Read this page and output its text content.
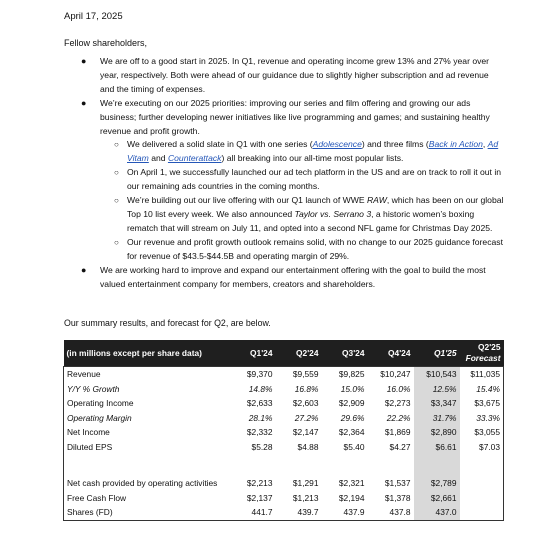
April 17, 2025
Fellow shareholders,
● We are off to a good start in 2025. In Q1, revenue and operating income grew 13% and 27% year over year, respectively. Both were ahead of our guidance due to slightly higher subscription and ad revenue and the timing of expenses.
● We’re executing on our 2025 priorities: improving our series and film offering and growing our ads business; further developing newer initiatives like live programming and games; and sustaining healthy revenue and profit growth.
○ We delivered a solid slate in Q1 with one series (Adolescence) and three films (Back in Action, Ad Vitam and Counterattack) all breaking into our all-time most popular lists.
○ On April 1, we successfully launched our ad tech platform in the US and are on track to roll it out in our remaining ads countries in the coming months.
○ We’re building out our live offering with our Q1 launch of WWE RAW, which has been on our global Top 10 list every week. We also announced Taylor vs. Serrano 3, a historic women’s boxing rematch that will stream on July 11, and opted into a second NFL game for Christmas Day 2025.
○ Our revenue and profit growth outlook remains solid, with no change to our 2025 guidance forecast for revenue of $43.5-$44.5B and operating margin of 29%.
● We are working hard to improve and expand our entertainment offering with the goal to build the most valued entertainment company for members, creators and shareholders.
Our summary results, and forecast for Q2, are below.
(in millions except per share data)	Q1'24	Q2'24	Q3'24	Q4'24	Q1'25	Q2'25
Forecast

Revenue	$9,370	$9,559	$9,825	$10,247	$10,543	$11,035
Y/Y % Growth	14.8%	16.8%	15.0%	16.0%	12.5%	15.4%
Operating Income	$2,633	$2,603	$2,909	$2,273	$3,347	$3,675
Operating Margin	28.1%	27.2%	29.6%	22.2%	31.7%	33.3%
Net Income	$2,332	$2,147	$2,364	$1,869	$2,890	$3,055
Diluted EPS	$5.28	$4.88	$5.40	$4.27	$6.61	$7.03

Net cash provided by operating activities	$2,213	$1,291	$2,321	$1,537	$2,789	
Free Cash Flow	$2,137	$1,213	$2,194	$1,378	$2,661	
Shares (FD)	441.7	439.7	437.9	437.8	437.0	
